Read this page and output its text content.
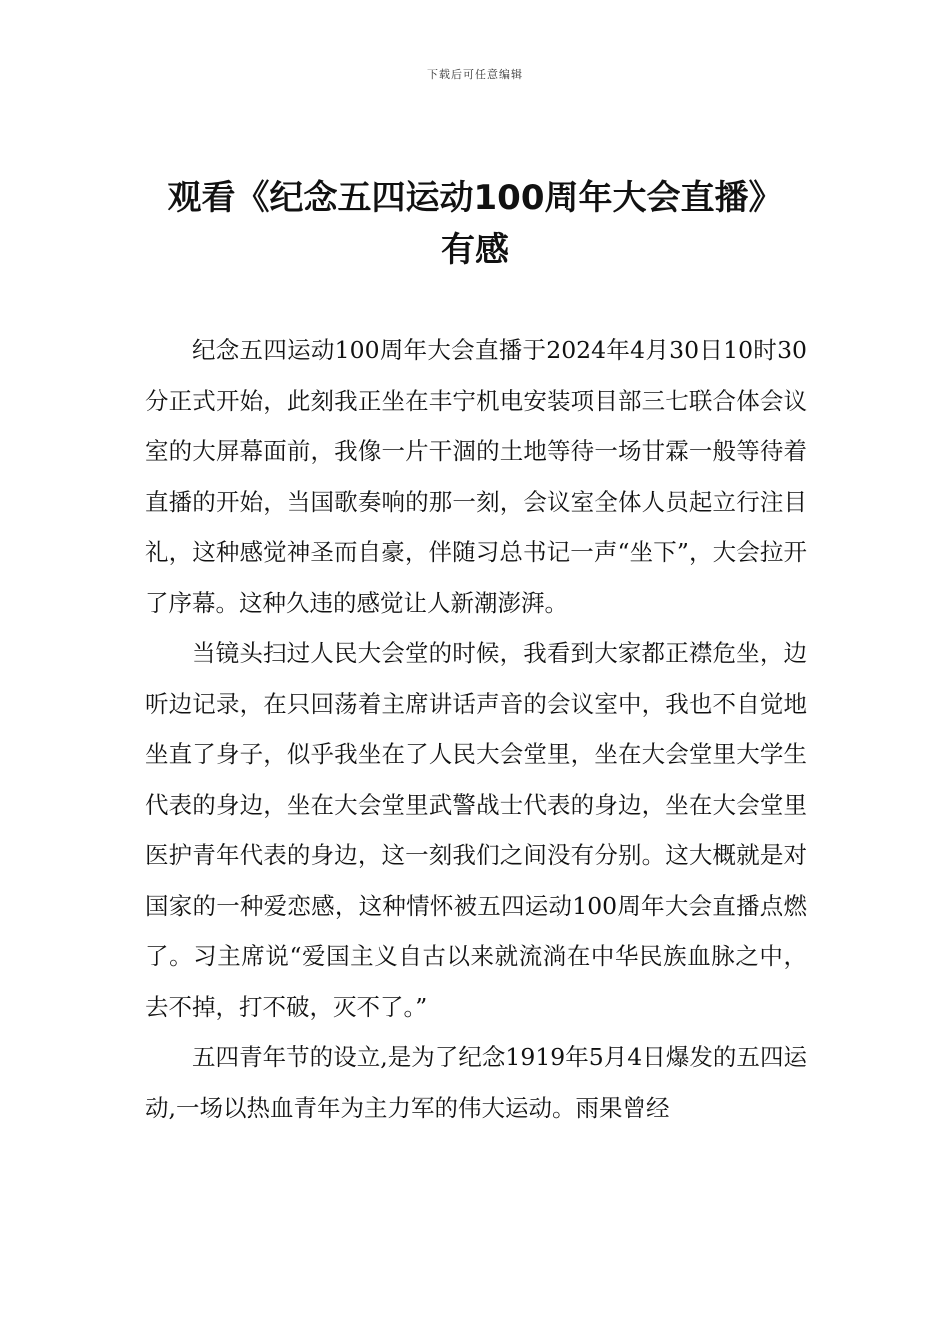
下载后可任意编辑
观看《纪念五四运动100周年大会直播》
有感

纪念五四运动100周年大会直播于2024年4月30日10时30分正式开始，此刻我正坐在丰宁机电安装项目部三七联合体会议室的大屏幕面前，我像一片干涸的土地等待一场甘霖一般等待着直播的开始，当国歌奏响的那一刻，会议室全体人员起立行注目礼，这种感觉神圣而自豪，伴随习总书记一声“坐下”，大会拉开了序幕。这种久违的感觉让人新潮澎湃。

当镜头扫过人民大会堂的时候，我看到大家都正襟危坐，边听边记录，在只回荡着主席讲话声音的会议室中，我也不自觉地坐直了身子，似乎我坐在了人民大会堂里，坐在大会堂里大学生代表的身边，坐在大会堂里武警战士代表的身边，坐在大会堂里医护青年代表的身边，这一刻我们之间没有分别。这大概就是对国家的一种爱恋感，这种情怀被五四运动100周年大会直播点燃了。习主席说“爱国主义自古以来就流淌在中华民族血脉之中，去不掉，打不破，灭不了。”

五四青年节的设立,是为了纪念1919年5月4日爆发的五四运动,一场以热血青年为主力军的伟大运动。雨果曾经
